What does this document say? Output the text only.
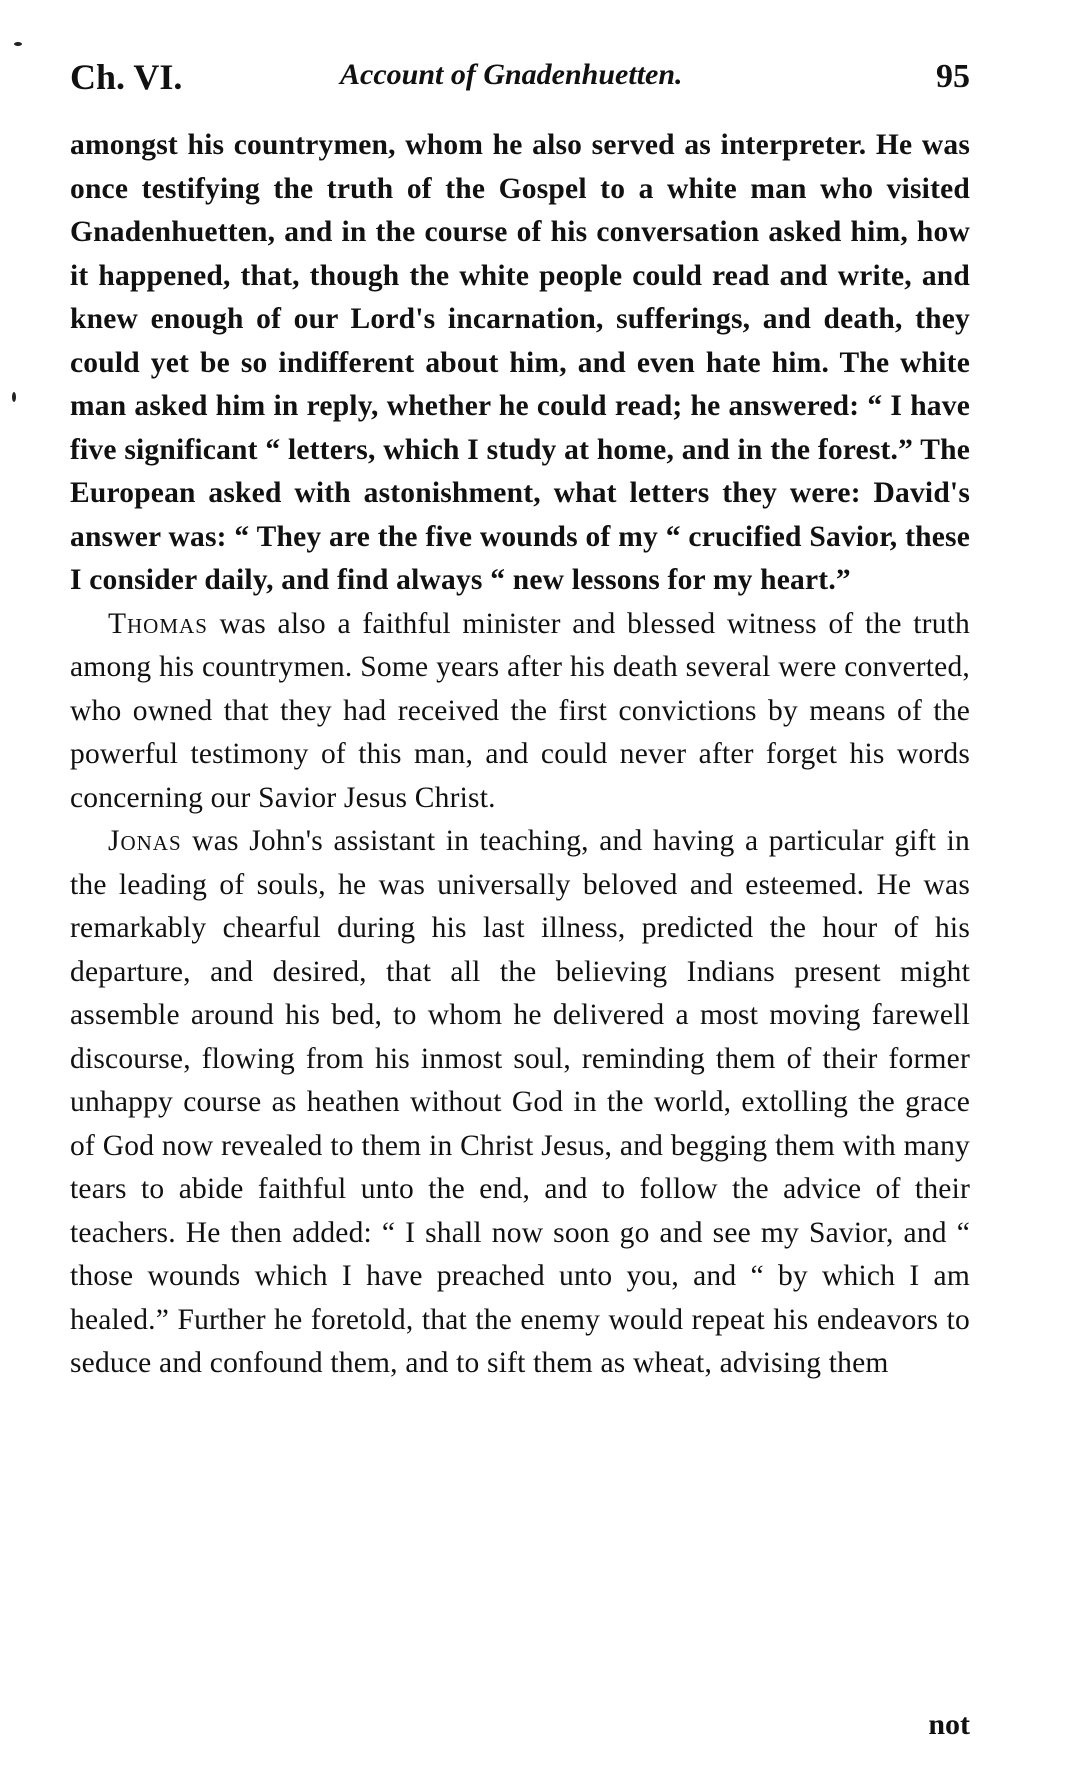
Ch. VI.	Account of Gnadenhuetten.	95

amongst his countrymen, whom he also served as interpreter. He was once testifying the truth of the Gospel to a white man who visited Gnadenhuetten, and in the course of his conversation asked him, how it happened, that, though the white people could read and write, and knew enough of our Lord's incarnation, sufferings, and death, they could yet be so indifferent about him, and even hate him. The white man asked him in reply, whether he could read; he answered: “ I have five significant “ letters, which I study at home, and in the forest.” The European asked with astonishment, what letters they were: David's answer was: “ They are the five wounds of my “ crucified Savior, these I consider daily, and find always “ new lessons for my heart.”

Thomas was also a faithful minister and blessed witness of the truth among his countrymen. Some years after his death several were converted, who owned that they had received the first convictions by means of the powerful testimony of this man, and could never after forget his words concerning our Savior Jesus Christ.

Jonas was John's assistant in teaching, and having a particular gift in the leading of souls, he was universally beloved and esteemed. He was remarkably chearful during his last illness, predicted the hour of his departure, and desired, that all the believing Indians present might assemble around his bed, to whom he delivered a most moving farewell discourse, flowing from his inmost soul, reminding them of their former unhappy course as heathen without God in the world, extolling the grace of God now revealed to them in Christ Jesus, and begging them with many tears to abide faithful unto the end, and to follow the advice of their teachers. He then added: “ I shall now soon go and see my Savior, and “ those wounds which I have preached unto you, and “ by which I am healed.” Further he foretold, that the enemy would repeat his endeavors to seduce and confound them, and to sift them as wheat, advising them

not
